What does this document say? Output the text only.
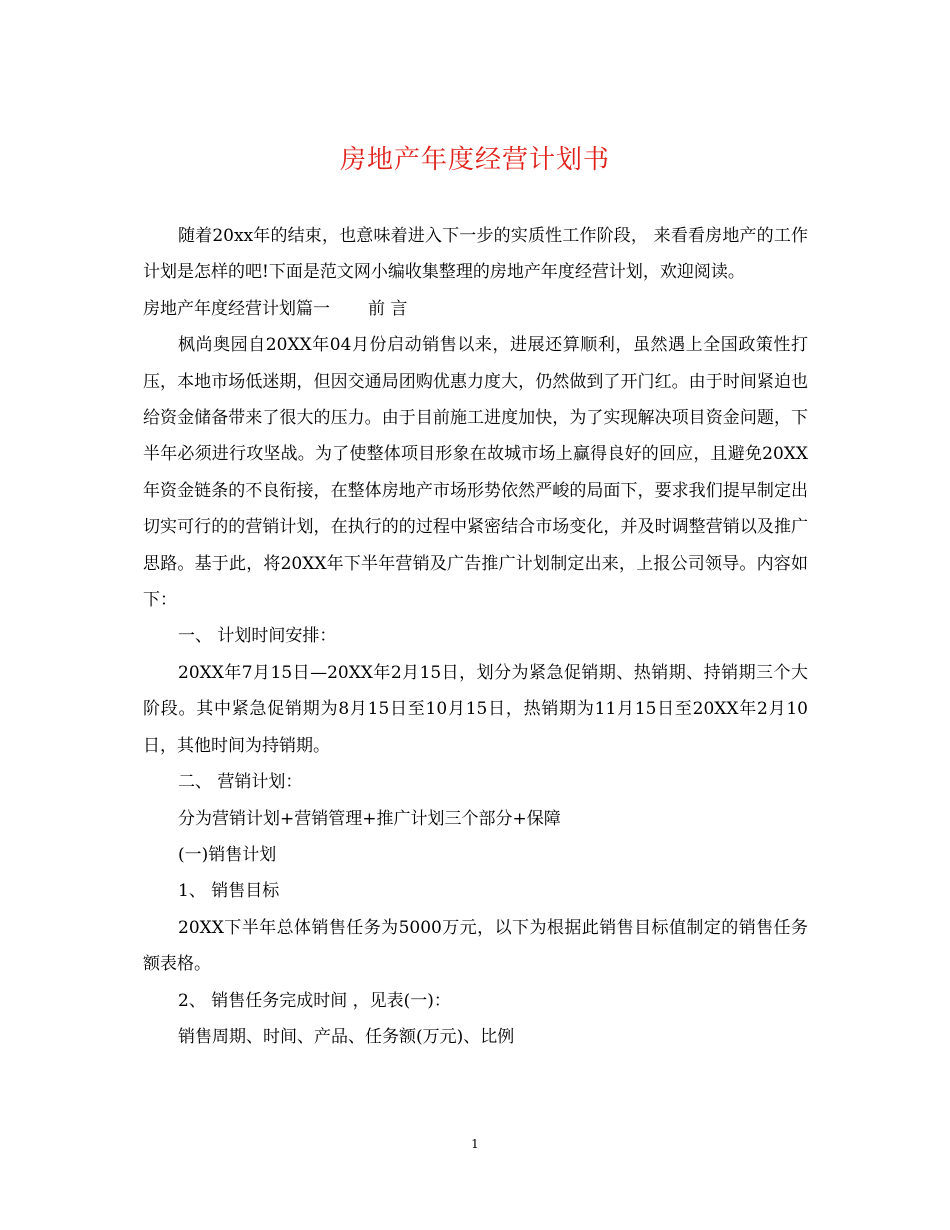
房地产年度经营计划书

随着20xx年的结束，也意味着进入下一步的实质性工作阶段， 来看看房地产的工作计划是怎样的吧!下面是范文网小编收集整理的房地产年度经营计划，欢迎阅读。

房地产年度经营计划篇一 前 言

枫尚奥园自20XX年04月份启动销售以来，进展还算顺利，虽然遇上全国政策性打压，本地市场低迷期，但因交通局团购优惠力度大，仍然做到了开门红。由于时间紧迫也给资金储备带来了很大的压力。由于目前施工进度加快，为了实现解决项目资金问题，下半年必须进行攻坚战。为了使整体项目形象在故城市场上赢得良好的回应，且避免20XX年资金链条的不良衔接，在整体房地产市场形势依然严峻的局面下，要求我们提早制定出切实可行的的营销计划，在执行的的过程中紧密结合市场变化，并及时调整营销以及推广思路。基于此，将20XX年下半年营销及广告推广计划制定出来，上报公司领导。内容如下：

一、 计划时间安排：

20XX年7月15日—20XX年2月15日，划分为紧急促销期、热销期、持销期三个大阶段。其中紧急促销期为8月15日至10月15日，热销期为11月15日至20XX年2月10日，其他时间为持销期。

二、 营销计划：

分为营销计划+营销管理+推广计划三个部分+保障

(一)销售计划

1、 销售目标

20XX下半年总体销售任务为5000万元，以下为根据此销售目标值制定的销售任务额表格。

2、 销售任务完成时间 ，见表(一)：

销售周期、时间、产品、任务额(万元)、比例

1
